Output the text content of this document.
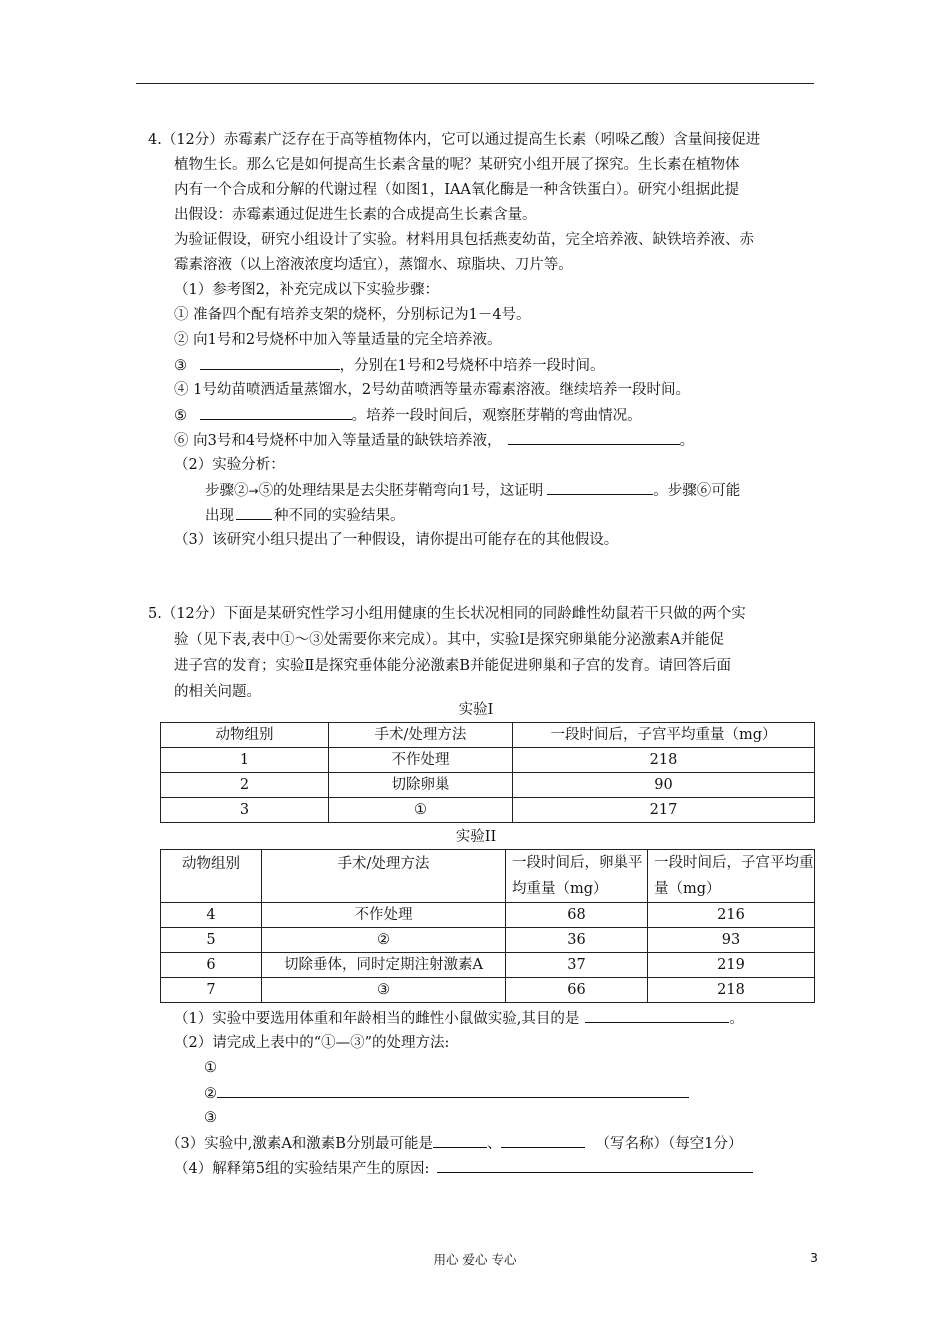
4.（12分）赤霉素广泛存在于高等植物体内，它可以通过提高生长素（吲哚乙酸）含量间接促进
植物生长。那么它是如何提高生长素含量的呢？某研究小组开展了探究。生长素在植物体
内有一个合成和分解的代谢过程（如图1，IAA氧化酶是一种含铁蛋白）。研究小组据此提
出假设：赤霉素通过促进生长素的合成提高生长素含量。
为验证假设，研究小组设计了实验。材料用具包括燕麦幼苗，完全培养液、缺铁培养液、赤
霉素溶液（以上溶液浓度均适宜），蒸馏水、琼脂块、刀片等。
（1）参考图2，补充完成以下实验步骤：
① 准备四个配有培养支架的烧杯，分别标记为1－4号。
② 向1号和2号烧杯中加入等量适量的完全培养液。
③	，分别在1号和2号烧杯中培养一段时间。
④ 1号幼苗喷洒适量蒸馏水，2号幼苗喷洒等量赤霉素溶液。继续培养一段时间。
⑤	。培养一段时间后，观察胚芽鞘的弯曲情况。
⑥ 向3号和4号烧杯中加入等量适量的缺铁培养液，	。
（2）实验分析：
步骤②→⑤的处理结果是去尖胚芽鞘弯向1号，这证明	。步骤⑥可能
出现	种不同的实验结果。
（3）该研究小组只提出了一种假设，请你提出可能存在的其他假设。
5.（12分）下面是某研究性学习小组用健康的生长状况相同的同龄雌性幼鼠若干只做的两个实
验（见下表,表中①～③处需要你来完成）。其中，实验Ⅰ是探究卵巢能分泌激素A并能促
进子宫的发育；实验Ⅱ是探究垂体能分泌激素B并能促进卵巢和子宫的发育。请回答后面
的相关问题。
实验Ⅰ
动物组别	手术/处理方法	一段时间后，子宫平均重量（mg）
1	不作处理	218
2	切除卵巢	90
3	①	217
实验II
动物组别	手术/处理方法	一段时间后，卵巢平均重量（mg）	一段时间后，子宫平均重量（mg）
4	不作处理	68	216
5	②	36	93
6	切除垂体，同时定期注射激素A	37	219
7	③	66	218
（1）实验中要选用体重和年龄相当的雌性小鼠做实验,其目的是	。
（2）请完成上表中的“①—③”的处理方法:
①
②
③
（3）实验中,激素A和激素B分别最可能是	、	（写名称）（每空1分）
（4）解释第5组的实验结果产生的原因:
用心 爱心 专心	3
